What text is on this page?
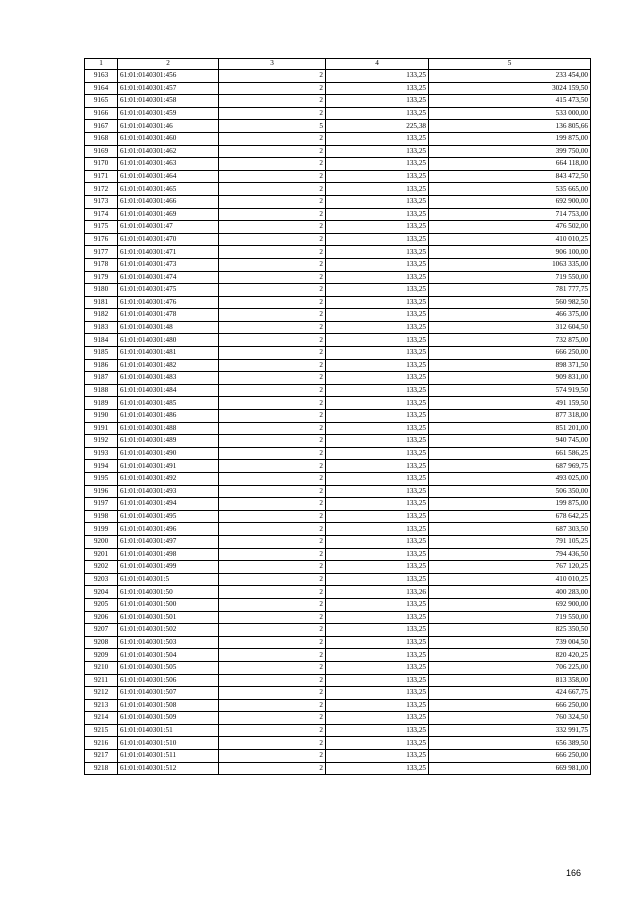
1	2	3	4	5
9163	61:01:0140301:456	2	133,25	233 454,00
9164	61:01:0140301:457	2	133,25	3024 159,50
9165	61:01:0140301:458	2	133,25	415 473,50
9166	61:01:0140301:459	2	133,25	533 000,00
9167	61:01:0140301:46	5	225,38	136 805,66
9168	61:01:0140301:460	2	133,25	199 875,00
9169	61:01:0140301:462	2	133,25	399 750,00
9170	61:01:0140301:463	2	133,25	664 118,00
9171	61:01:0140301:464	2	133,25	843 472,50
9172	61:01:0140301:465	2	133,25	535 665,00
9173	61:01:0140301:466	2	133,25	692 900,00
9174	61:01:0140301:469	2	133,25	714 753,00
9175	61:01:0140301:47	2	133,25	476 502,00
9176	61:01:0140301:470	2	133,25	410 010,25
9177	61:01:0140301:471	2	133,25	906 100,00
9178	61:01:0140301:473	2	133,25	1063 335,00
9179	61:01:0140301:474	2	133,25	719 550,00
9180	61:01:0140301:475	2	133,25	781 777,75
9181	61:01:0140301:476	2	133,25	560 982,50
9182	61:01:0140301:478	2	133,25	466 375,00
9183	61:01:0140301:48	2	133,25	312 604,50
9184	61:01:0140301:480	2	133,25	732 875,00
9185	61:01:0140301:481	2	133,25	666 250,00
9186	61:01:0140301:482	2	133,25	898 371,50
9187	61:01:0140301:483	2	133,25	909 831,00
9188	61:01:0140301:484	2	133,25	574 919,50
9189	61:01:0140301:485	2	133,25	491 159,50
9190	61:01:0140301:486	2	133,25	877 318,00
9191	61:01:0140301:488	2	133,25	851 201,00
9192	61:01:0140301:489	2	133,25	940 745,00
9193	61:01:0140301:490	2	133,25	661 586,25
9194	61:01:0140301:491	2	133,25	687 969,75
9195	61:01:0140301:492	2	133,25	493 025,00
9196	61:01:0140301:493	2	133,25	506 350,00
9197	61:01:0140301:494	2	133,25	199 875,00
9198	61:01:0140301:495	2	133,25	678 642,25
9199	61:01:0140301:496	2	133,25	687 303,50
9200	61:01:0140301:497	2	133,25	791 105,25
9201	61:01:0140301:498	2	133,25	794 436,50
9202	61:01:0140301:499	2	133,25	767 120,25
9203	61:01:0140301:5	2	133,25	410 010,25
9204	61:01:0140301:50	2	133,26	400 283,00
9205	61:01:0140301:500	2	133,25	692 900,00
9206	61:01:0140301:501	2	133,25	719 550,00
9207	61:01:0140301:502	2	133,25	825 350,50
9208	61:01:0140301:503	2	133,25	739 004,50
9209	61:01:0140301:504	2	133,25	820 420,25
9210	61:01:0140301:505	2	133,25	706 225,00
9211	61:01:0140301:506	2	133,25	813 358,00
9212	61:01:0140301:507	2	133,25	424 667,75
9213	61:01:0140301:508	2	133,25	666 250,00
9214	61:01:0140301:509	2	133,25	760 324,50
9215	61:01:0140301:51	2	133,25	332 991,75
9216	61:01:0140301:510	2	133,25	656 389,50
9217	61:01:0140301:511	2	133,25	666 250,00
9218	61:01:0140301:512	2	133,25	669 981,00
166
